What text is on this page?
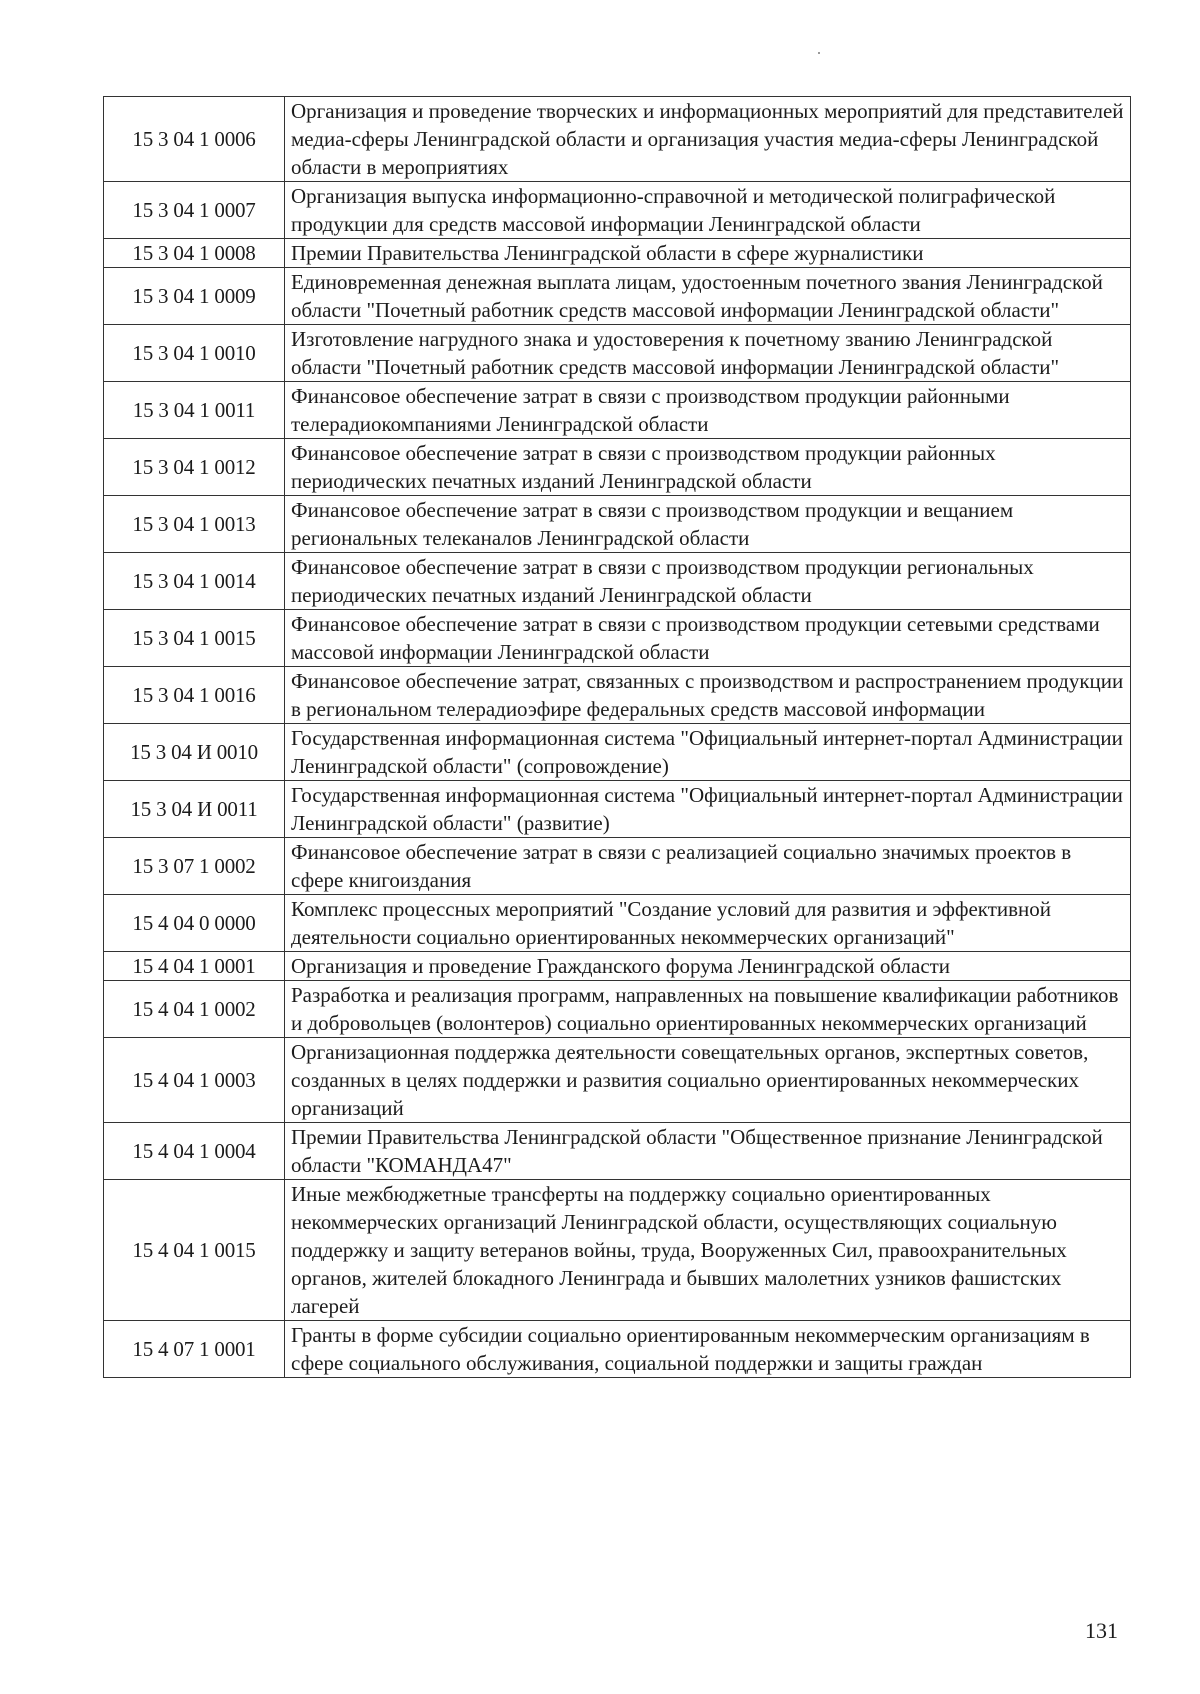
15 3 04 1 0006	Организация и проведение творческих и информационных мероприятий для представителей медиа-сферы Ленинградской области и организация участия медиа-сферы Ленинградской области в мероприятиях
15 3 04 1 0007	Организация выпуска информационно-справочной и методической полиграфической продукции для средств массовой информации Ленинградской области
15 3 04 1 0008	Премии Правительства Ленинградской области в сфере журналистики
15 3 04 1 0009	Единовременная денежная выплата лицам, удостоенным почетного звания Ленинградской области "Почетный работник средств массовой информации Ленинградской области"
15 3 04 1 0010	Изготовление нагрудного знака и удостоверения к почетному званию Ленинградской области "Почетный работник средств массовой информации Ленинградской области"
15 3 04 1 0011	Финансовое обеспечение затрат в связи с производством продукции районными телерадиокомпаниями Ленинградской области
15 3 04 1 0012	Финансовое обеспечение затрат в связи с производством продукции районных периодических печатных изданий Ленинградской области
15 3 04 1 0013	Финансовое обеспечение затрат в связи с производством продукции и вещанием региональных телеканалов Ленинградской области
15 3 04 1 0014	Финансовое обеспечение затрат в связи с производством продукции региональных периодических печатных изданий Ленинградской области
15 3 04 1 0015	Финансовое обеспечение затрат в связи с производством продукции сетевыми средствами массовой информации Ленинградской области
15 3 04 1 0016	Финансовое обеспечение затрат, связанных с производством и распространением продукции в региональном телерадиоэфире федеральных средств массовой информации
15 3 04 И 0010	Государственная информационная система "Официальный интернет-портал Администрации Ленинградской области" (сопровождение)
15 3 04 И 0011	Государственная информационная система "Официальный интернет-портал Администрации Ленинградской области" (развитие)
15 3 07 1 0002	Финансовое обеспечение затрат в связи с реализацией социально значимых проектов в сфере книгоиздания
15 4 04 0 0000	Комплекс процессных мероприятий "Создание условий для развития и эффективной деятельности социально ориентированных некоммерческих организаций"
15 4 04 1 0001	Организация и проведение Гражданского форума Ленинградской области
15 4 04 1 0002	Разработка и реализация программ, направленных на повышение квалификации работников и добровольцев (волонтеров) социально ориентированных некоммерческих организаций
15 4 04 1 0003	Организационная поддержка деятельности совещательных органов, экспертных советов, созданных в целях поддержки и развития социально ориентированных некоммерческих организаций
15 4 04 1 0004	Премии Правительства Ленинградской области "Общественное признание Ленинградской области "КОМАНДА47"
15 4 04 1 0015	Иные межбюджетные трансферты на поддержку социально ориентированных некоммерческих организаций Ленинградской области, осуществляющих социальную поддержку и защиту ветеранов войны, труда, Вооруженных Сил, правоохранительных органов, жителей блокадного Ленинграда и бывших малолетних узников фашистских лагерей
15 4 07 1 0001	Гранты в форме субсидии социально ориентированным некоммерческим организациям в сфере социального обслуживания, социальной поддержки и защиты граждан
131
